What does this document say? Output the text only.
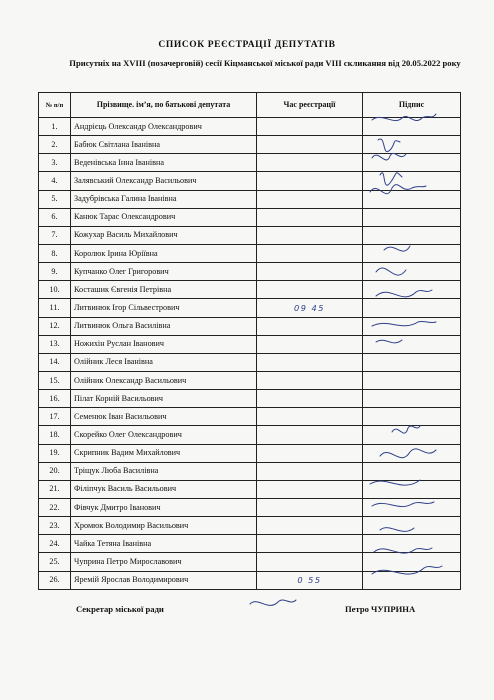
СПИСОК РЕЄСТРАЦІЇ ДЕПУТАТІВ
Присутніх на XVIII (позачерговій) сесії Кіцманської міської ради VIII скликання від 20.05.2022 року
№ п/п	Прізвище. ім’я, по батькові депутата	Час реєстрації	Підпис
1.	Андрієць Олександр Олександрович		
2.	Бабюк Світлана Іванівна		
3.	Веденівська Інна Іванівна		
4.	Залявський Олександр Васильович		
5.	Задубрівська Галина Іванівна		
6.	Канюк Тарас Олександрович		
7.	Кожухар Василь Михайлович		
8.	Королюк Ірина Юріївна		
9.	Купчанко Олег Григорович		
10.	Косташик Євгенія Петрівна		
11.	Литвинюк Ігор Сільвестрович	09 45	
12.	Литвинюк Ольга Василівна		
13.	Ножихін Руслан Іванович		
14.	Олійник Леся Іванівна		
15.	Олійник Олександр Васильович		
16.	Пілат Корній Васильович		
17.	Семенюк Іван Васильович		
18.	Скорейко Олег Олександрович		
19.	Скрипник Вадим Михайлович		
20.	Тріщук Люба Василівна		
21.	Філіпчук Василь Васильович		
22.	Фівчук Дмитро Іванович		
23.	Хромюк Володимир Васильович		
24.	Чайка Тетяна Іванівна		
25.	Чуприна Петро Мирославович		
26.	Яремій Ярослав Володимирович	0 55	
Секретар міської ради	Петро ЧУПРИНА
